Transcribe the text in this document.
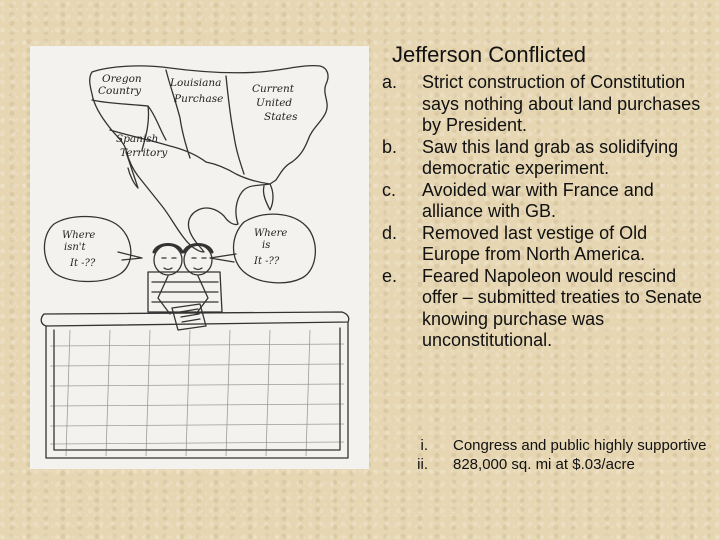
Jefferson Conflicted
Oregon
Country
Louisiana
Purchase
Current
United
States
Spanish
Territory
Where
isn't
It -??
Where
is
It -??
a. Strict construction of Constitution says nothing about land purchases by President.
b. Saw this land grab as solidifying democratic experiment.
c. Avoided war with France and alliance with GB.
d. Removed last vestige of Old Europe from North America.
e. Feared Napoleon would rescind offer – submitted treaties to Senate knowing purchase was unconstitutional.
i. Congress and public highly supportive
ii. 828,000 sq. mi at $.03/acre
